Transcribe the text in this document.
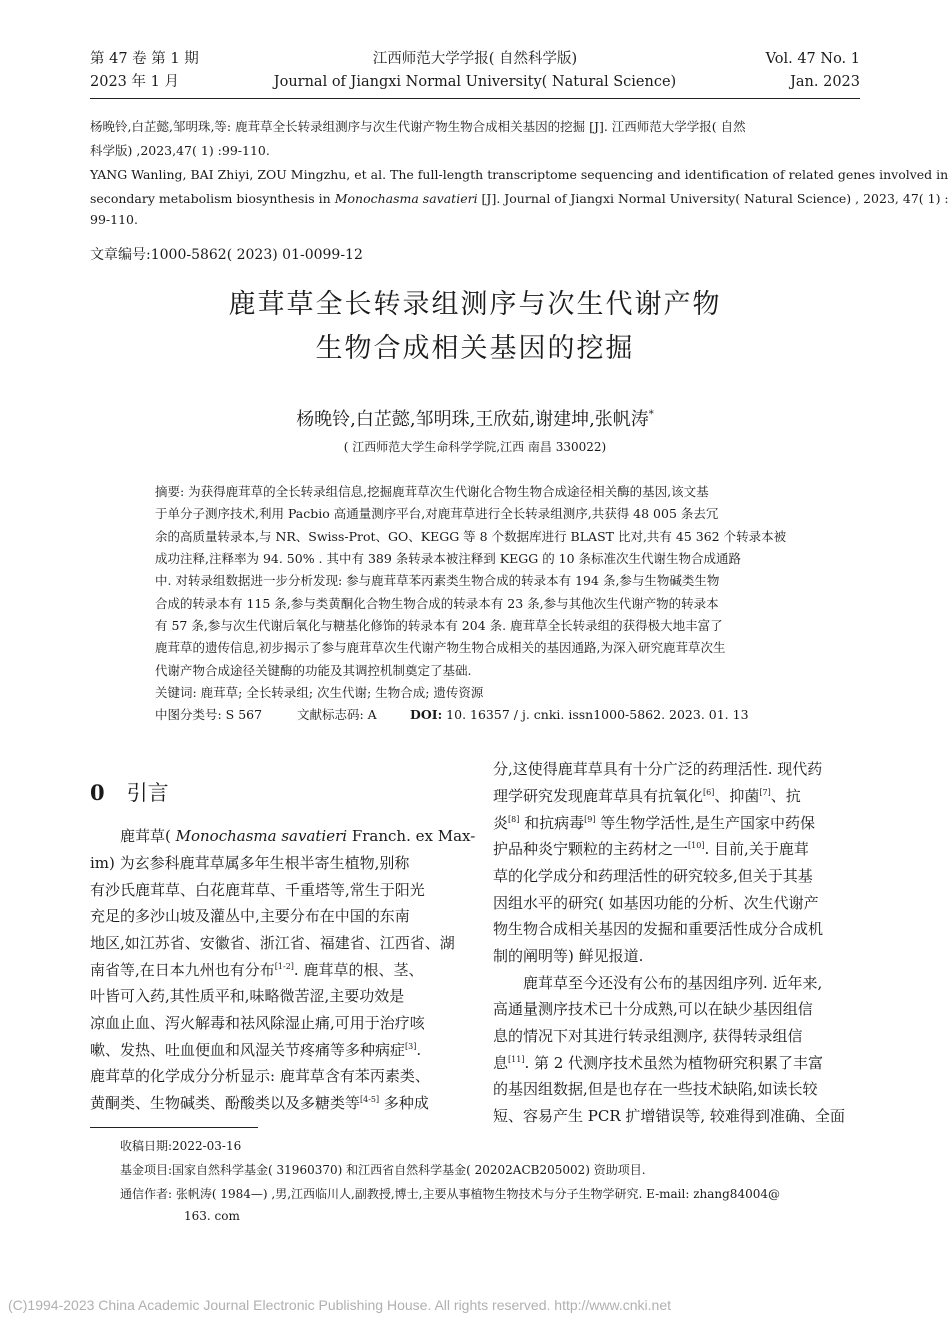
第 47 卷 第 1 期
2023 年 1 月
江西师范大学学报( 自然科学版)
Journal of Jiangxi Normal University( Natural Science)
Vol. 47 No. 1
Jan. 2023
杨晚铃,白芷懿,邹明珠,等: 鹿茸草全长转录组测序与次生代谢产物生物合成相关基因的挖掘 [J]. 江西师范大学学报( 自然
科学版) ,2023,47( 1) :99-110.
YANG Wanling, BAI Zhiyi, ZOU Mingzhu, et al. The full-length transcriptome sequencing and identification of related genes involved in
secondary metabolism biosynthesis in Monochasma savatieri [J]. Journal of Jiangxi Normal University( Natural Science) , 2023, 47( 1) :
99-110.
文章编号:1000-5862( 2023) 01-0099-12
鹿茸草全长转录组测序与次生代谢产物
生物合成相关基因的挖掘
杨晚铃,白芷懿,邹明珠,王欣茹,谢建坤,张帆涛*
( 江西师范大学生命科学学院,江西 南昌 330022)
摘要: 为获得鹿茸草的全长转录组信息,挖掘鹿茸草次生代谢化合物生物合成途径相关酶的基因,该文基
于单分子测序技术,利用 Pacbio 高通量测序平台,对鹿茸草进行全长转录组测序,共获得 48 005 条去冗
余的高质量转录本,与 NR、Swiss-Prot、GO、KEGG 等 8 个数据库进行 BLAST 比对,共有 45 362 个转录本被
成功注释,注释率为 94. 50% . 其中有 389 条转录本被注释到 KEGG 的 10 条标准次生代谢生物合成通路
中. 对转录组数据进一步分析发现: 参与鹿茸草苯丙素类生物合成的转录本有 194 条,参与生物碱类生物
合成的转录本有 115 条,参与类黄酮化合物生物合成的转录本有 23 条,参与其他次生代谢产物的转录本
有 57 条,参与次生代谢后氧化与糖基化修饰的转录本有 204 条. 鹿茸草全长转录组的获得极大地丰富了
鹿茸草的遗传信息,初步揭示了参与鹿茸草次生代谢产物生物合成相关的基因通路,为深入研究鹿茸草次生
代谢产物合成途径关键酶的功能及其调控机制奠定了基础.
关键词: 鹿茸草; 全长转录组; 次生代谢; 生物合成; 遗传资源
中图分类号: S 567	文献标志码: A	DOI: 10. 16357 / j. cnki. issn1000-5862. 2023. 01. 13
0 引言
鹿茸草( Monochasma savatieri Franch. ex Max-
im) 为玄参科鹿茸草属多年生根半寄生植物,别称
有沙氏鹿茸草、白花鹿茸草、千重塔等,常生于阳光
充足的多沙山坡及灌丛中,主要分布在中国的东南
地区,如江苏省、安徽省、浙江省、福建省、江西省、湖
南省等,在日本九州也有分布[1-2]. 鹿茸草的根、茎、
叶皆可入药,其性质平和,味略微苦涩,主要功效是
凉血止血、泻火解毒和祛风除湿止痛,可用于治疗咳
嗽、发热、吐血便血和风湿关节疼痛等多种病症[3].
鹿茸草的化学成分分析显示: 鹿茸草含有苯丙素类、
黄酮类、生物碱类、酚酸类以及多糖类等[4-5] 多种成
分,这使得鹿茸草具有十分广泛的药理活性. 现代药
理学研究发现鹿茸草具有抗氧化[6]、抑菌[7]、抗
炎[8] 和抗病毒[9] 等生物学活性,是生产国家中药保
护品种炎宁颗粒的主药材之一[10]. 目前,关于鹿茸
草的化学成分和药理活性的研究较多,但关于其基
因组水平的研究( 如基因功能的分析、次生代谢产
物生物合成相关基因的发掘和重要活性成分合成机
制的阐明等) 鲜见报道.
鹿茸草至今还没有公布的基因组序列. 近年来,
高通量测序技术已十分成熟,可以在缺少基因组信
息的情况下对其进行转录组测序, 获得转录组信
息[11]. 第 2 代测序技术虽然为植物研究积累了丰富
的基因组数据,但是也存在一些技术缺陷,如读长较
短、容易产生 PCR 扩增错误等, 较难得到准确、全面
收稿日期:2022-03-16
基金项目:国家自然科学基金( 31960370) 和江西省自然科学基金( 20202ACB205002) 资助项目.
通信作者: 张帆涛( 1984—) ,男,江西临川人,副教授,博士,主要从事植物生物技术与分子生物学研究. E-mail: zhang84004@
163. com
(C)1994-2023 China Academic Journal Electronic Publishing House. All rights reserved. http://www.cnki.net
